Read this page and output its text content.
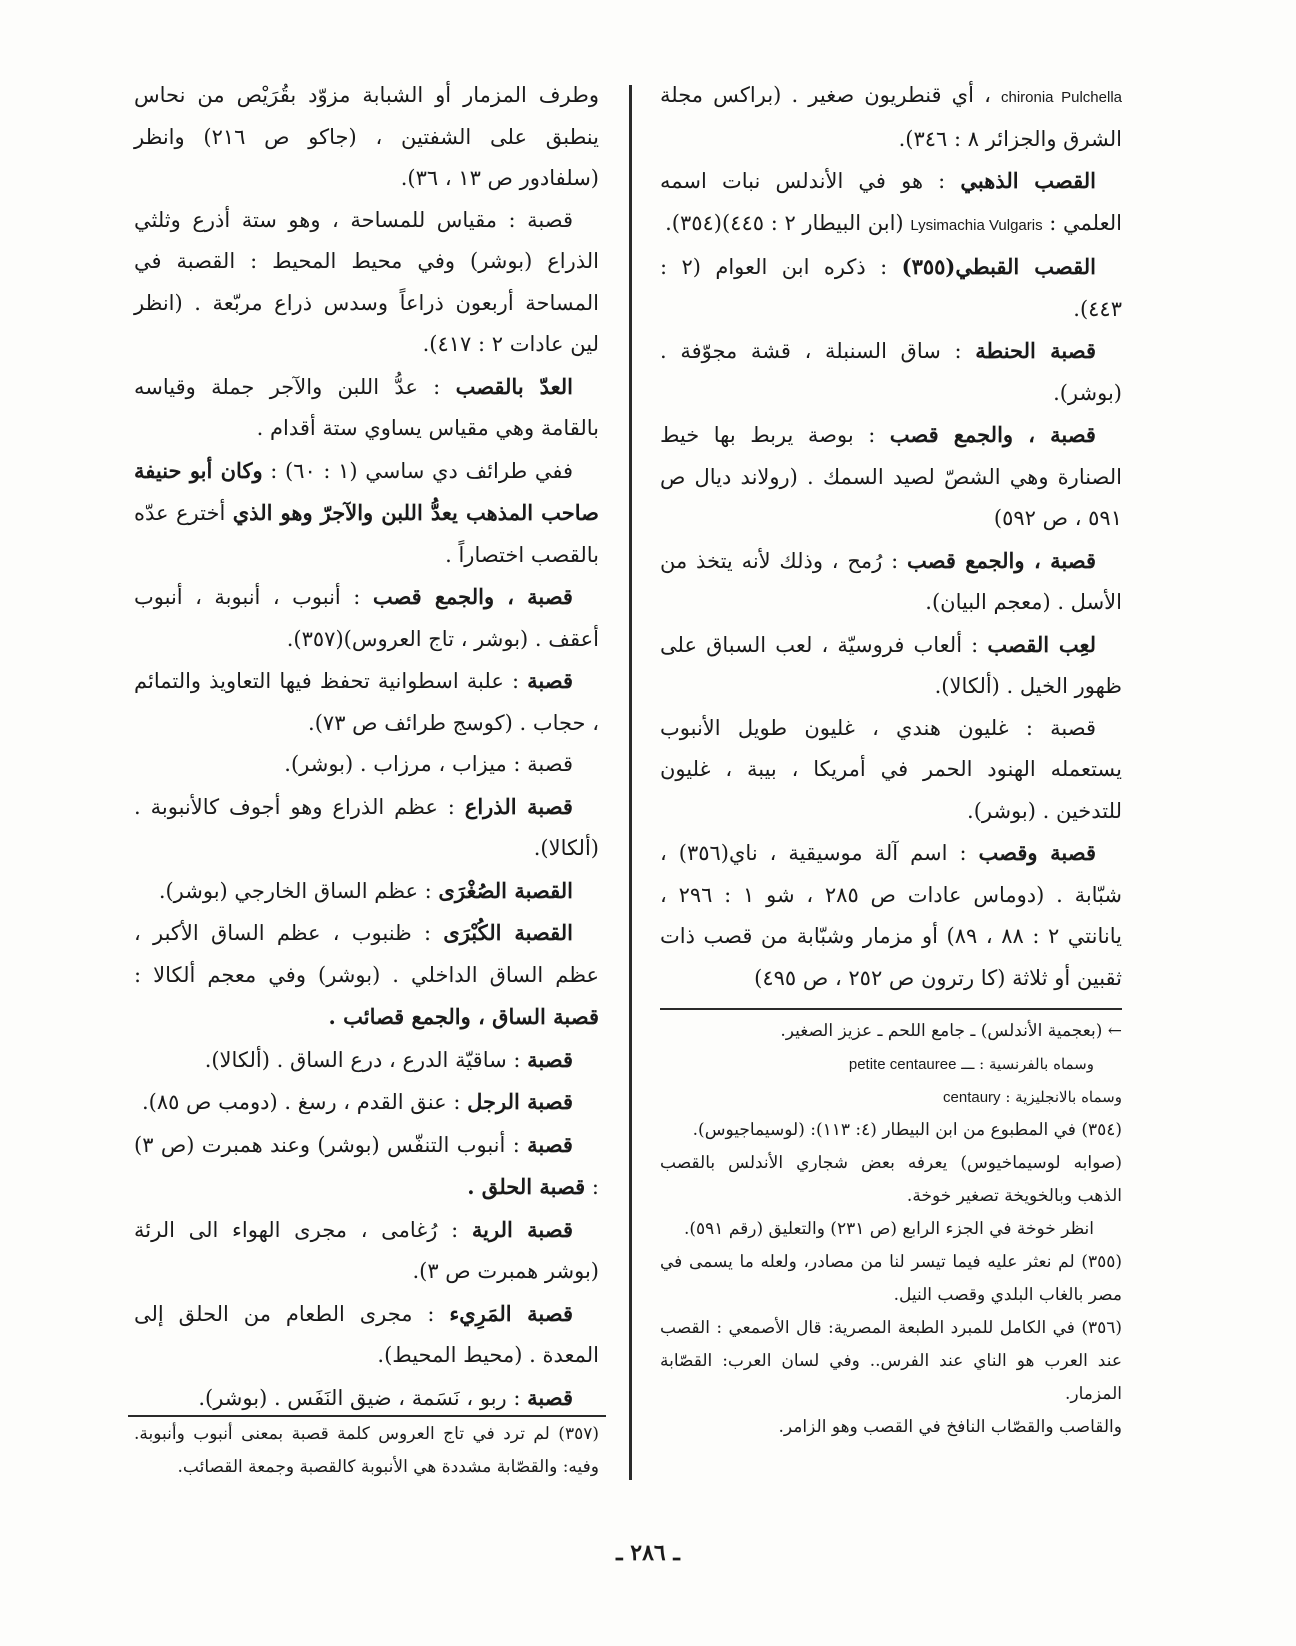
chironia Pulchella ، أي قنطريون صغير . (براكس مجلة الشرق والجزائر ٨ : ٣٤٦).

القصب الذهبي : هو في الأندلس نبات اسمه العلمي : Lysimachia Vulgaris (ابن البيطار ٢ : ٤٤٥)(٣٥٤).

القصب القبطي(٣٥٥) : ذكره ابن العوام (٢ : ٤٤٣).

قصبة الحنطة : ساق السنبلة ، قشة مجوّفة . (بوشر).

قصبة ، والجمع قصب : بوصة يربط بها خيط الصنارة وهي الشصّ لصيد السمك . (رولاند ديال ص ٥٩١ ، ص ٥٩٢)

قصبة ، والجمع قصب : رُمح ، وذلك لأنه يتخذ من الأسل . (معجم البيان).

لعِب القصب : ألعاب فروسيّة ، لعب السباق على ظهور الخيل . (ألكالا).

قصبة : غليون هندي ، غليون طويل الأنبوب يستعمله الهنود الحمر في أمريكا ، بيبة ، غليون للتدخين . (بوشر).

قصبة وقصب : اسم آلة موسيقية ، ناي(٣٥٦) ، شبّابة . (دوماس عادات ص ٢٨٥ ، شو ١ : ٢٩٦ ، يانانتي ٢ : ٨٨ ، ٨٩) أو مزمار وشبّابة من قصب ذات ثقبين أو ثلاثة (كا رترون ص ٢٥٢ ، ص ٤٩٥)

← (بعجمية الأندلس) ـ جامع اللحم ـ عزيز الصغير.

وسماه بالفرنسية : ـــ petite centauree

وسماه بالانجليزية : centaury

(٣٥٤) في المطبوع من ابن البيطار (٤: ١١٣): (لوسيماجيوس).

(صوابه لوسيماخيوس) يعرفه بعض شجاري الأندلس بالقصب الذهب وبالخويخة تصغير خوخة.

انظر خوخة في الجزء الرابع (ص ٢٣١) والتعليق (رقم ٥٩١).

(٣٥٥) لم نعثر عليه فيما تيسر لنا من مصادر، ولعله ما يسمى في مصر بالغاب البلدي وقصب النيل.

(٣٥٦) في الكامل للمبرد الطبعة المصرية: قال الأصمعي : القصب عند العرب هو الناي عند الفرس.. وفي لسان العرب: القصّابة المزمار.

والقاصب والقصّاب النافخ في القصب وهو الزامر.

وطرف المزمار أو الشبابة مزوّد بقُرَيْص من نحاس ينطبق على الشفتين ، (جاكو ص ٢١٦) وانظر (سلفادور ص ١٣ ، ٣٦).

قصبة : مقياس للمساحة ، وهو ستة أذرع وثلثي الذراع (بوشر) وفي محيط المحيط : القصبة في المساحة أربعون ذراعاً وسدس ذراع مربّعة . (انظر لين عادات ٢ : ٤١٧).

العدّ بالقصب : عدُّ اللبن والآجر جملة وقياسه بالقامة وهي مقياس يساوي ستة أقدام .

ففي طرائف دي ساسي (١ : ٦٠) : وكان أبو حنيفة صاحب المذهب يعدُّ اللبن والآجرّ وهو الذي أخترع عدّه بالقصب اختصاراً .

قصبة ، والجمع قصب : أنبوب ، أنبوبة ، أنبوب أعقف . (بوشر ، تاج العروس)(٣٥٧).

قصبة : علبة اسطوانية تحفظ فيها التعاويذ والتمائم ، حجاب . (كوسج طرائف ص ٧٣).

قصبة : ميزاب ، مرزاب . (بوشر).

قصبة الذراع : عظم الذراع وهو أجوف كالأنبوبة . (ألكالا).

القصبة الصُغْرَى : عظم الساق الخارجي (بوشر).

القصبة الكُبْرَى : ظنبوب ، عظم الساق الأكبر ، عظم الساق الداخلي . (بوشر) وفي معجم ألكالا : قصبة الساق ، والجمع قصائب .

قصبة : ساقيّة الدرع ، درع الساق . (ألكالا).

قصبة الرجل : عنق القدم ، رسغ . (دومب ص ٨٥).

قصبة : أنبوب التنفّس (بوشر) وعند همبرت (ص ٣) : قصبة الحلق .

قصبة الرية : رُغامى ، مجرى الهواء الى الرئة (بوشر همبرت ص ٣).

قصبة المَرِيء : مجرى الطعام من الحلق إلى المعدة . (محيط المحيط).

قصبة : ربو ، نَسَمة ، ضيق النَفَس . (بوشر).

(٣٥٧) لم ترد في تاج العروس كلمة قصبة بمعنى أنبوب وأنبوبة. وفيه: والقصّابة مشددة هي الأنبوبة كالقصبة وجمعة القصائب.

ـ ٢٨٦ ـ
